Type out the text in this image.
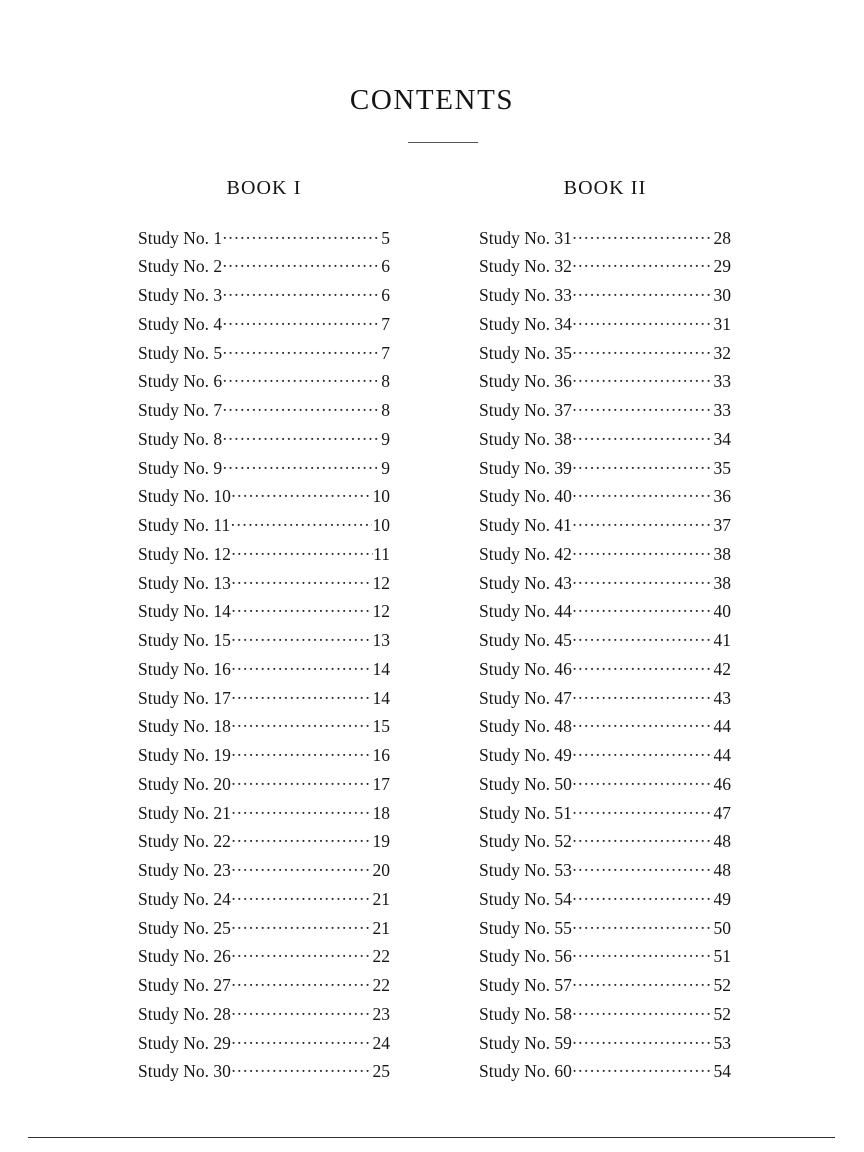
CONTENTS
BOOK I	BOOK II
Study No. 1 .....	5
Study No. 2 .....	6
Study No. 3 .....	6
Study No. 4 .....	7
Study No. 5 .....	7
Study No. 6 .....	8
Study No. 7 .....	8
Study No. 8 .....	9
Study No. 9 .....	9
Study No. 10 .....	10
Study No. 11 .....	10
Study No. 12 .....	11
Study No. 13 .....	12
Study No. 14 .....	12
Study No. 15 .....	13
Study No. 16 .....	14
Study No. 17 .....	14
Study No. 18 .....	15
Study No. 19 .....	16
Study No. 20 .....	17
Study No. 21 .....	18
Study No. 22 .....	19
Study No. 23 .....	20
Study No. 24 .....	21
Study No. 25 .....	21
Study No. 26 .....	22
Study No. 27 .....	22
Study No. 28 .....	23
Study No. 29 .....	24
Study No. 30 .....	25
Study No. 31 .....	28
Study No. 32 .....	29
Study No. 33 .....	30
Study No. 34 .....	31
Study No. 35 .....	32
Study No. 36 .....	33
Study No. 37 .....	33
Study No. 38 .....	34
Study No. 39 .....	35
Study No. 40 .....	36
Study No. 41 .....	37
Study No. 42 .....	38
Study No. 43 .....	38
Study No. 44 .....	40
Study No. 45 .....	41
Study No. 46 .....	42
Study No. 47 .....	43
Study No. 48 .....	44
Study No. 49 .....	44
Study No. 50 .....	46
Study No. 51 .....	47
Study No. 52 .....	48
Study No. 53 .....	48
Study No. 54 .....	49
Study No. 55 .....	50
Study No. 56 .....	51
Study No. 57 .....	52
Study No. 58 .....	52
Study No. 59 .....	53
Study No. 60 .....	54
